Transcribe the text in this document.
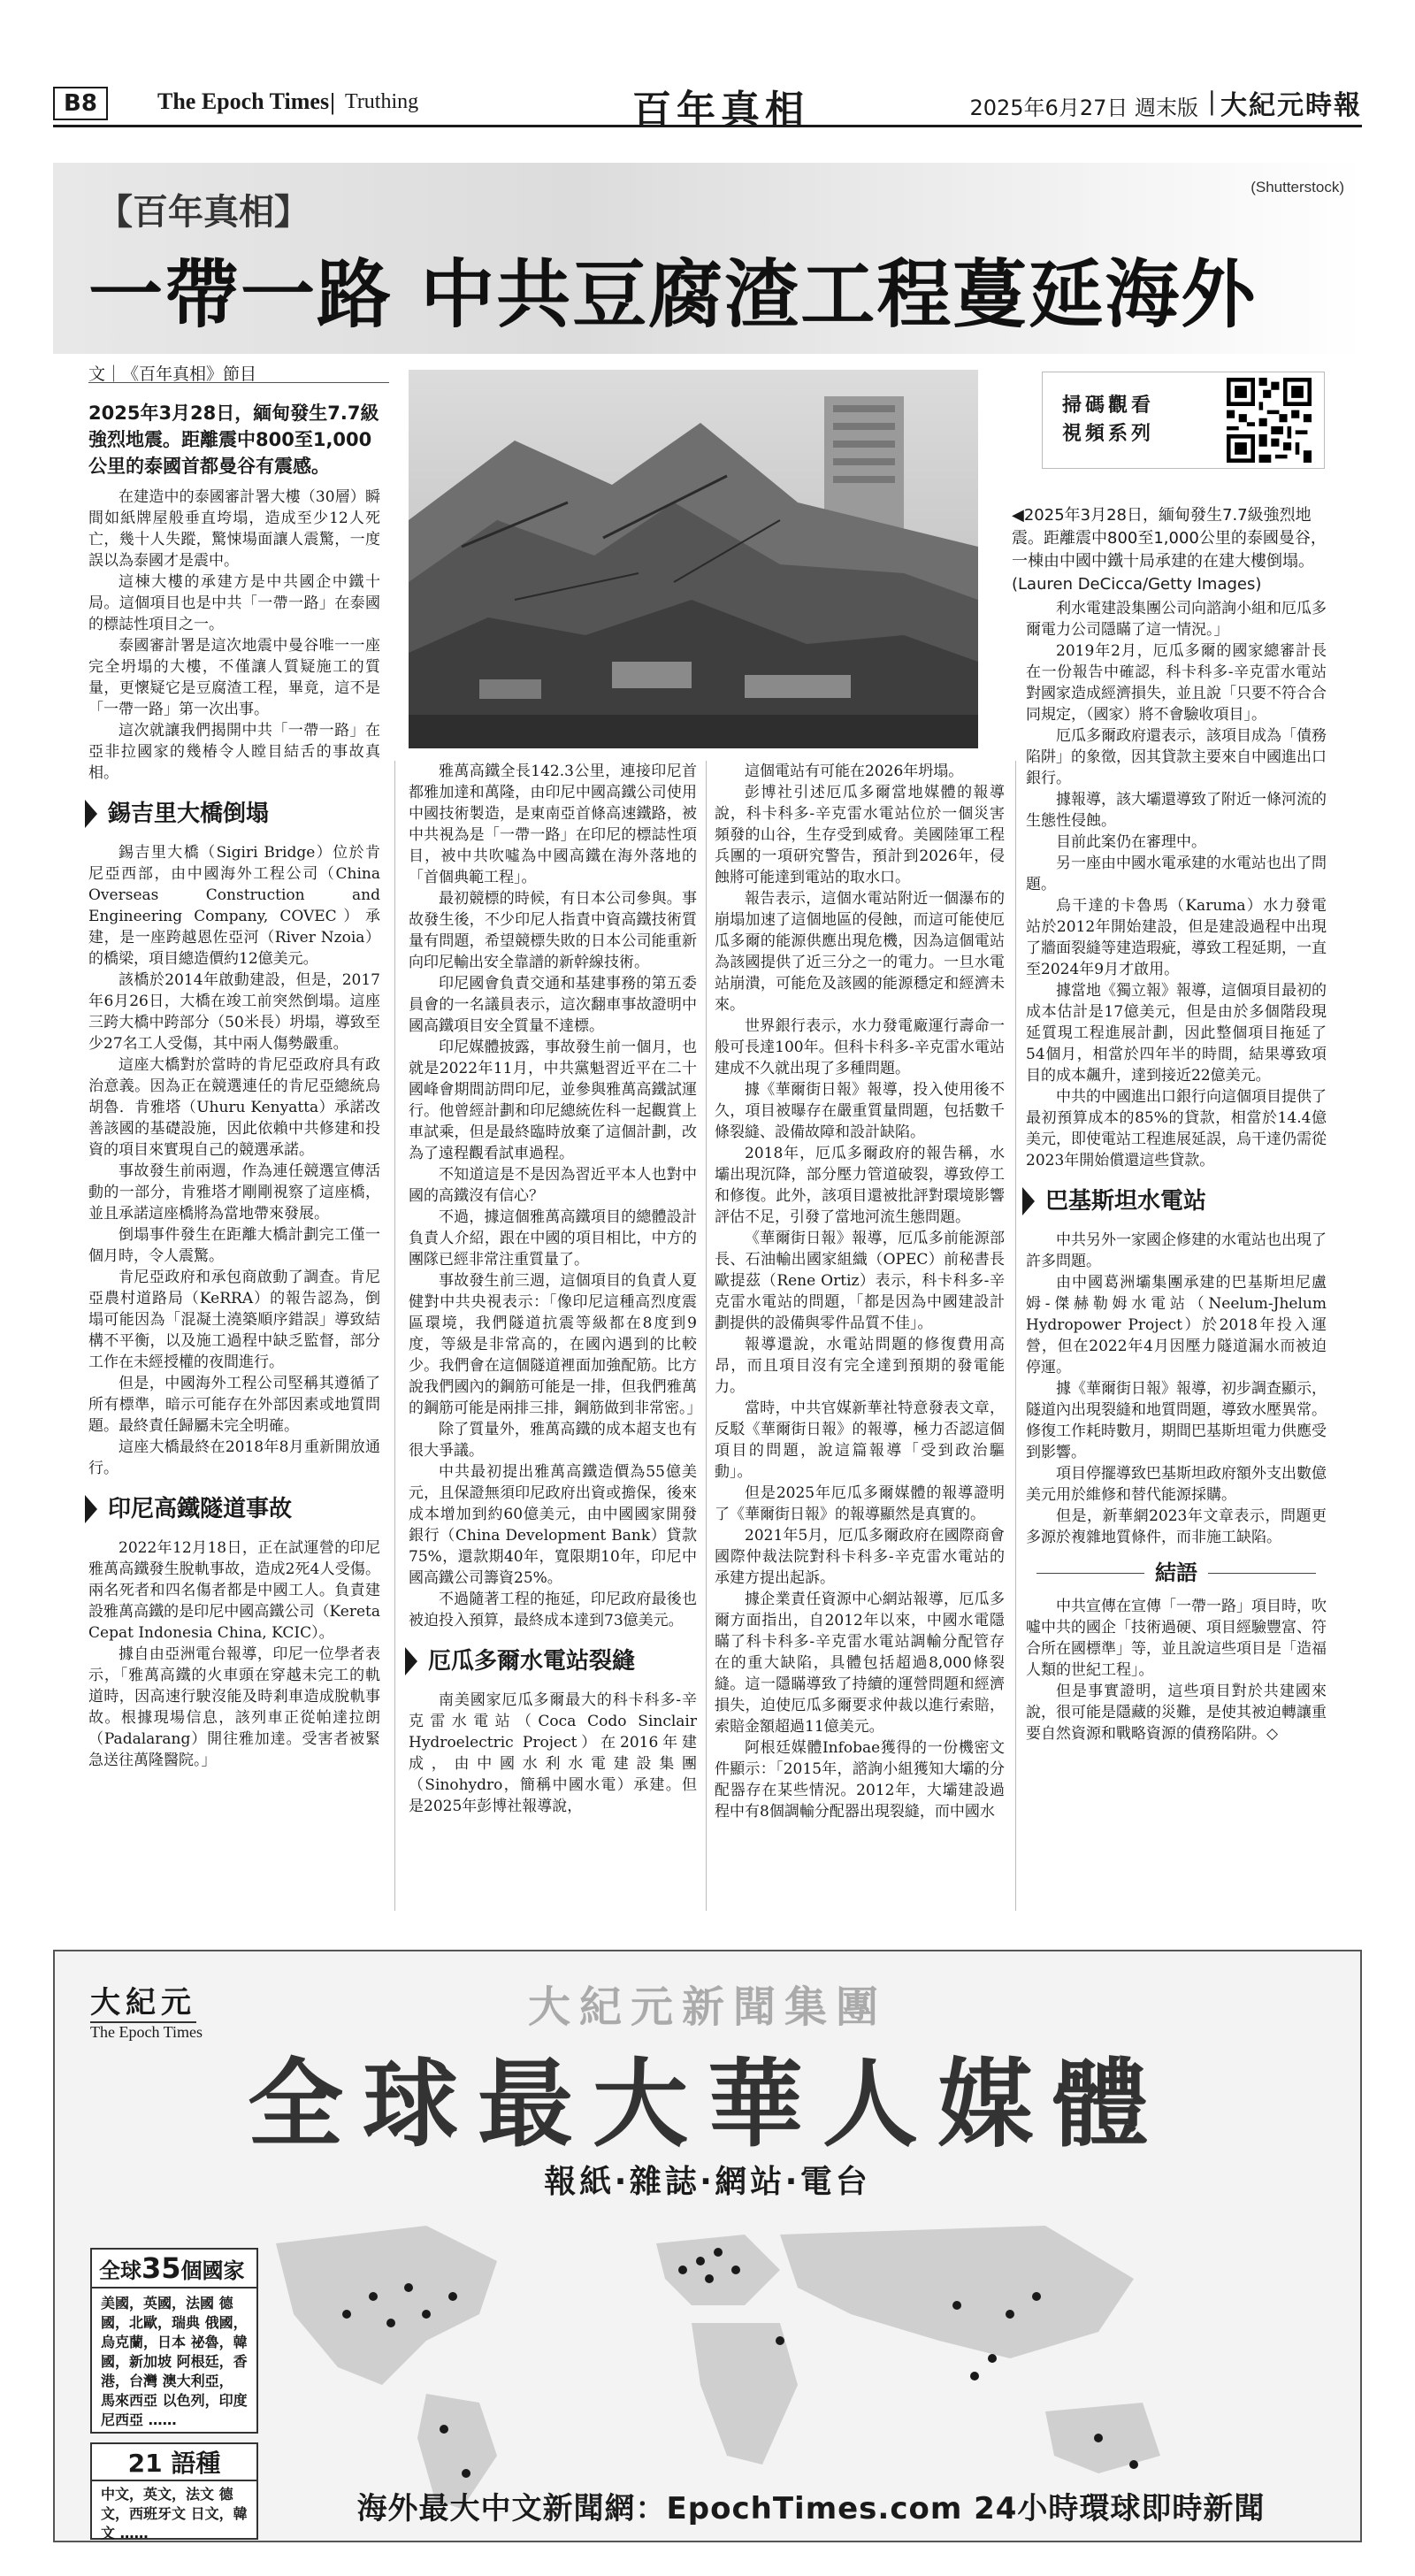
B8	The Epoch Times | Truthing	百年真相	2025年6月27日 週末版 | 大紀元時報
【百年真相】
一帶一路 中共豆腐渣工程蔓延海外
(Shutterstock)
文｜《百年真相》節目
2025年3月28日，緬甸發生7.7級強烈地震。距離震中800至1,000公里的泰國首都曼谷有震感。
掃碼觀看
視頻系列
◀2025年3月28日，緬甸發生7.7級強烈地震。距離震中800至1,000公里的泰國曼谷，一棟由中國中鐵十局承建的在建大樓倒塌。(Lauren DeCicca/Getty Images)

在建造中的泰國審計署大樓（30層）瞬間如紙牌屋般垂直垮塌，造成至少12人死亡，幾十人失蹤，驚悚場面讓人震驚，一度誤以為泰國才是震中。

這棟大樓的承建方是中共國企中鐵十局。這個項目也是中共「一帶一路」在泰國的標誌性項目之一。

泰國審計署是這次地震中曼谷唯一一座完全坍塌的大樓，不僅讓人質疑施工的質量，更懷疑它是豆腐渣工程，畢竟，這不是「一帶一路」第一次出事。

這次就讓我們揭開中共「一帶一路」在亞非拉國家的幾椿令人瞠目結舌的事故真相。

錫吉里大橋倒塌

錫吉里大橋（Sigiri Bridge）位於肯尼亞西部，由中國海外工程公司（China Overseas Construction and Engineering Company, COVEC）承建，是一座跨越恩佐亞河（River Nzoia）的橋梁，項目總造價約12億美元。

該橋於2014年啟動建設，但是，2017年6月26日，大橋在竣工前突然倒塌。這座三跨大橋中跨部分（50米長）坍塌，導致至少27名工人受傷，其中兩人傷勢嚴重。

這座大橋對於當時的肯尼亞政府具有政治意義。因為正在競選連任的肯尼亞總統烏胡魯．肯雅塔（Uhuru Kenyatta）承諾改善該國的基礎設施，因此依賴中共修建和投資的項目來實現自己的競選承諾。

事故發生前兩週，作為連任競選宣傳活動的一部分，肯雅塔才剛剛視察了這座橋，並且承諾這座橋將為當地帶來發展。

倒塌事件發生在距離大橋計劃完工僅一個月時，令人震驚。

肯尼亞政府和承包商啟動了調查。肯尼亞農村道路局（KeRRA）的報告認為，倒塌可能因為「混凝土澆築順序錯誤」導致結構不平衡，以及施工過程中缺乏監督，部分工作在未經授權的夜間進行。

但是，中國海外工程公司堅稱其遵循了所有標準，暗示可能存在外部因素或地質問題。最終責任歸屬未完全明確。

這座大橋最終在2018年8月重新開放通行。

印尼高鐵隧道事故

2022年12月18日，正在試運營的印尼雅萬高鐵發生脫軌事故，造成2死4人受傷。兩名死者和四名傷者都是中國工人。負責建設雅萬高鐵的是印尼中國高鐵公司（Kereta Cepat Indonesia China, KCIC）。

據自由亞洲電台報導，印尼一位學者表示，「雅萬高鐵的火車頭在穿越未完工的軌道時，因高速行駛沒能及時剎車造成脫軌事故。根據現場信息，該列車正從帕達拉朗（Padalarang）開往雅加達。受害者被緊急送往萬隆醫院。」

雅萬高鐵全長142.3公里，連接印尼首都雅加達和萬隆，由印尼中國高鐵公司使用中國技術製造，是東南亞首條高速鐵路，被中共視為是「一帶一路」在印尼的標誌性項目，被中共吹噓為中國高鐵在海外落地的「首個典範工程」。

最初競標的時候，有日本公司參與。事故發生後，不少印尼人指責中資高鐵技術質量有問題，希望競標失敗的日本公司能重新向印尼輸出安全靠譜的新幹線技術。

印尼國會負責交通和基建事務的第五委員會的一名議員表示，這次翻車事故證明中國高鐵項目安全質量不達標。

印尼媒體披露，事故發生前一個月，也就是2022年11月，中共黨魁習近平在二十國峰會期間訪問印尼，並參與雅萬高鐵試運行。他曾經計劃和印尼總統佐科一起觀賞上車試乘，但是最終臨時放棄了這個計劃，改為了遠程觀看試車過程。

不知道這是不是因為習近平本人也對中國的高鐵沒有信心？

不過，據這個雅萬高鐵項目的總體設計負責人介紹，跟在中國的項目相比，中方的團隊已經非常注重質量了。

事故發生前三週，這個項目的負責人夏健對中共央視表示：「像印尼這種高烈度震區環境，我們隧道抗震等級都在8度到9度，等級是非常高的，在國內遇到的比較少。我們會在這個隧道裡面加強配筋。比方說我們國內的鋼筋可能是一排，但我們雅萬的鋼筋可能是兩排三排，鋼筋做到非常密。」

除了質量外，雅萬高鐵的成本超支也有很大爭議。

中共最初提出雅萬高鐵造價為55億美元，且保證無須印尼政府出資或擔保，後來成本增加到約60億美元，由中國國家開發銀行（China Development Bank）貸款75%，還款期40年，寬限期10年，印尼中國高鐵公司籌資25%。

不過隨著工程的拖延，印尼政府最後也被迫投入預算，最終成本達到73億美元。

厄瓜多爾水電站裂縫

南美國家厄瓜多爾最大的科卡科多-辛克雷水電站（Coca Codo Sinclair Hydroelectric Project）在2016年建成，由中國水利水電建設集團（Sinohydro，簡稱中國水電）承建。但是2025年彭博社報導說，

這個電站有可能在2026年坍塌。

彭博社引述厄瓜多爾當地媒體的報導說，科卡科多-辛克雷水電站位於一個災害頻發的山谷，生存受到威脅。美國陸軍工程兵團的一項研究警告，預計到2026年，侵蝕將可能達到電站的取水口。

報告表示，這個水電站附近一個瀑布的崩塌加速了這個地區的侵蝕，而這可能使厄瓜多爾的能源供應出現危機，因為這個電站為該國提供了近三分之一的電力。一旦水電站崩潰，可能危及該國的能源穩定和經濟未來。

世界銀行表示，水力發電廠運行壽命一般可長達100年。但科卡科多-辛克雷水電站建成不久就出現了多種問題。

據《華爾街日報》報導，投入使用後不久，項目被曝存在嚴重質量問題，包括數千條裂縫、設備故障和設計缺陷。

2018年，厄瓜多爾政府的報告稱，水壩出現沉降，部分壓力管道破裂，導致停工和修復。此外，該項目還被批評對環境影響評估不足，引發了當地河流生態問題。

《華爾街日報》報導，厄瓜多前能源部長、石油輸出國家組織（OPEC）前秘書長歐提茲（Rene Ortiz）表示，科卡科多-辛克雷水電站的問題，「都是因為中國建設計劃提供的設備與零件品質不佳」。

報導還說，水電站問題的修復費用高昂，而且項目沒有完全達到預期的發電能力。

當時，中共官媒新華社特意發表文章，反駁《華爾街日報》的報導，極力否認這個項目的問題，說這篇報導「受到政治驅動」。

但是2025年厄瓜多爾媒體的報導證明了《華爾街日報》的報導顯然是真實的。

2021年5月，厄瓜多爾政府在國際商會國際仲裁法院對科卡科多-辛克雷水電站的承建方提出起訴。

據企業責任資源中心網站報導，厄瓜多爾方面指出，自2012年以來，中國水電隱瞞了科卡科多-辛克雷水電站調輸分配管存在的重大缺陷，具體包括超過8,000條裂縫。這一隱瞞導致了持續的運營問題和經濟損失，迫使厄瓜多爾要求仲裁以進行索賠，索賠金額超過11億美元。

阿根廷媒體Infobae獲得的一份機密文件顯示：「2015年，諮詢小組獲知大壩的分配器存在某些情況。2012年，大壩建設過程中有8個調輸分配器出現裂縫，而中國水

利水電建設集團公司向諮詢小組和厄瓜多爾電力公司隱瞞了這一情況。」

2019年2月，厄瓜多爾的國家總審計長在一份報告中確認，科卡科多-辛克雷水電站對國家造成經濟損失，並且說「只要不符合合同規定，（國家）將不會驗收項目」。

厄瓜多爾政府還表示，該項目成為「債務陷阱」的象徵，因其貸款主要來自中國進出口銀行。

據報導，該大壩還導致了附近一條河流的生態性侵蝕。

目前此案仍在審理中。

另一座由中國水電承建的水電站也出了問題。

烏干達的卡魯馬（Karuma）水力發電站於2012年開始建設，但是建設過程中出現了牆面裂縫等建造瑕疵，導致工程延期，一直至2024年9月才啟用。

據當地《獨立報》報導，這個項目最初的成本估計是17億美元，但是由於多個階段現延質現工程進展計劃，因此整個項目拖延了54個月，相當於四年半的時間，結果導致項目的成本飆升，達到接近22億美元。

中共的中國進出口銀行向這個項目提供了最初預算成本的85%的貸款，相當於14.4億美元，即使電站工程進展延誤，烏干達仍需從2023年開始償還這些貸款。

巴基斯坦水電站

中共另外一家國企修建的水電站也出現了許多問題。

由中國葛洲壩集團承建的巴基斯坦尼盧姆-傑赫勒姆水電站（Neelum-Jhelum Hydropower Project）於2018年投入運營，但在2022年4月因壓力隧道漏水而被迫停運。

據《華爾街日報》報導，初步調查顯示，隧道內出現裂縫和地質問題，導致水壓異常。修復工作耗時數月，期間巴基斯坦電力供應受到影響。

項目停擺導致巴基斯坦政府額外支出數億美元用於維修和替代能源採購。

但是，新華網2023年文章表示，問題更多源於複雜地質條件，而非施工缺陷。

結語

中共宣傳在宣傳「一帶一路」項目時，吹噓中共的國企「技術過硬、項目經驗豐富、符合所在國標準」等，並且說這些項目是「造福人類的世紀工程」。

但是事實證明，這些項目對於共建國來說，很可能是隱藏的災難，是使其被迫轉讓重要自然資源和戰略資源的債務陷阱。◇

大紀元
The Epoch Times	大紀元新聞集團
全球最大華人媒體
報紙‧雜誌‧網站‧電台
全球35個國家
美國，英國，法國 德國，北歐，瑞典 俄國，烏克蘭，日本 祕魯，韓國，新加坡 阿根廷，香港，台灣 澳大利亞， 馬來西亞 以色列，印度尼西亞 ……
21 語種
中文，英文，法文 德文，西班牙文 日文，韓文 ……
海外最大中文新聞網：EpochTimes.com 24小時環球即時新聞
